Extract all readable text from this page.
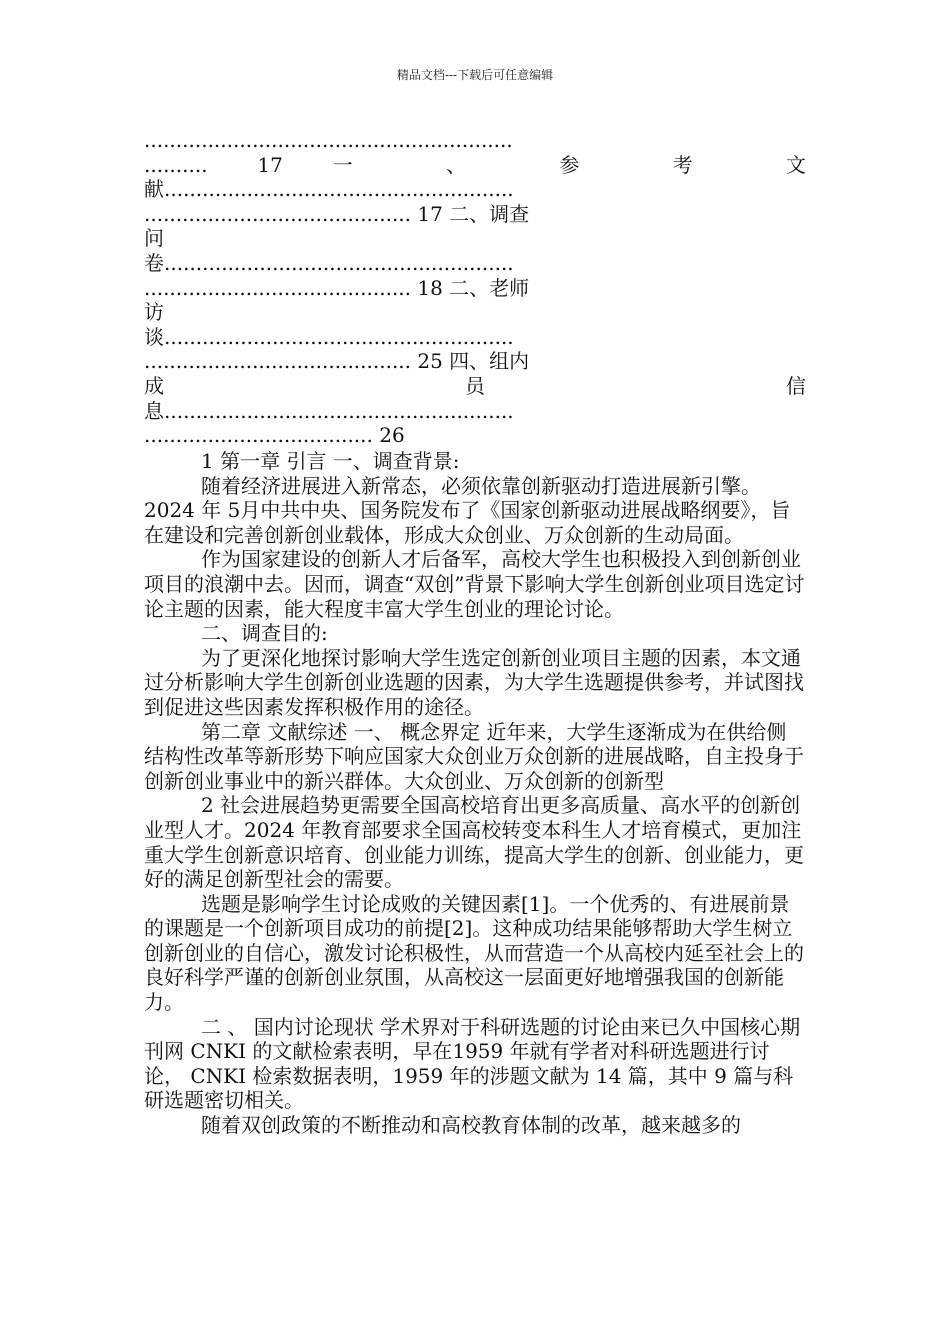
精品文档---下载后可任意编辑
..........................................................
.......... 17 一 、 参 考 文
献.......................................................
.......................................... 17 二、调查
问
卷.......................................................
.......................................... 18 二、老师
访
谈.......................................................
.......................................... 25 四、组内
成 员 信
息.......................................................
.................................... 26
1 第一章 引言 一、调查背景:

随着经济进展进入新常态，必须依靠创新驱动打造进展新引擎。2024 年 5月中共中央、国务院发布了《国家创新驱动进展战略纲要》，旨在建设和完善创新创业载体，形成大众创业、万众创新的生动局面。

作为国家建设的创新人才后备军，高校大学生也积极投入到创新创业项目的浪潮中去。因而，调查“双创”背景下影响大学生创新创业项目选定讨论主题的因素，能大程度丰富大学生创业的理论讨论。

二、调查目的:

为了更深化地探讨影响大学生选定创新创业项目主题的因素，本文通过分析影响大学生创新创业选题的因素，为大学生选题提供参考，并试图找到促进这些因素发挥积极作用的途径。

第二章 文献综述 一、 概念界定 近年来，大学生逐渐成为在供给侧结构性改革等新形势下响应国家大众创业万众创新的进展战略，自主投身于创新创业事业中的新兴群体。大众创业、万众创新的创新型

2 社会进展趋势更需要全国高校培育出更多高质量、高水平的创新创业型人才。2024 年教育部要求全国高校转变本科生人才培育模式，更加注重大学生创新意识培育、创业能力训练，提高大学生的创新、创业能力，更好的满足创新型社会的需要。

选题是影响学生讨论成败的关键因素[1]。一个优秀的、有进展前景的课题是一个创新项目成功的前提[2]。这种成功结果能够帮助大学生树立创新创业的自信心，激发讨论积极性，从而营造一个从高校内延至社会上的良好科学严谨的创新创业氛围，从高校这一层面更好地增强我国的创新能力。

二 、 国内讨论现状 学术界对于科研选题的讨论由来已久中国核心期刊网 CNKI 的文献检索表明，早在1959 年就有学者对科研选题进行讨论， CNKI 检索数据表明，1959 年的涉题文献为 14 篇，其中 9 篇与科研选题密切相关。

随着双创政策的不断推动和高校教育体制的改革，越来越多的
